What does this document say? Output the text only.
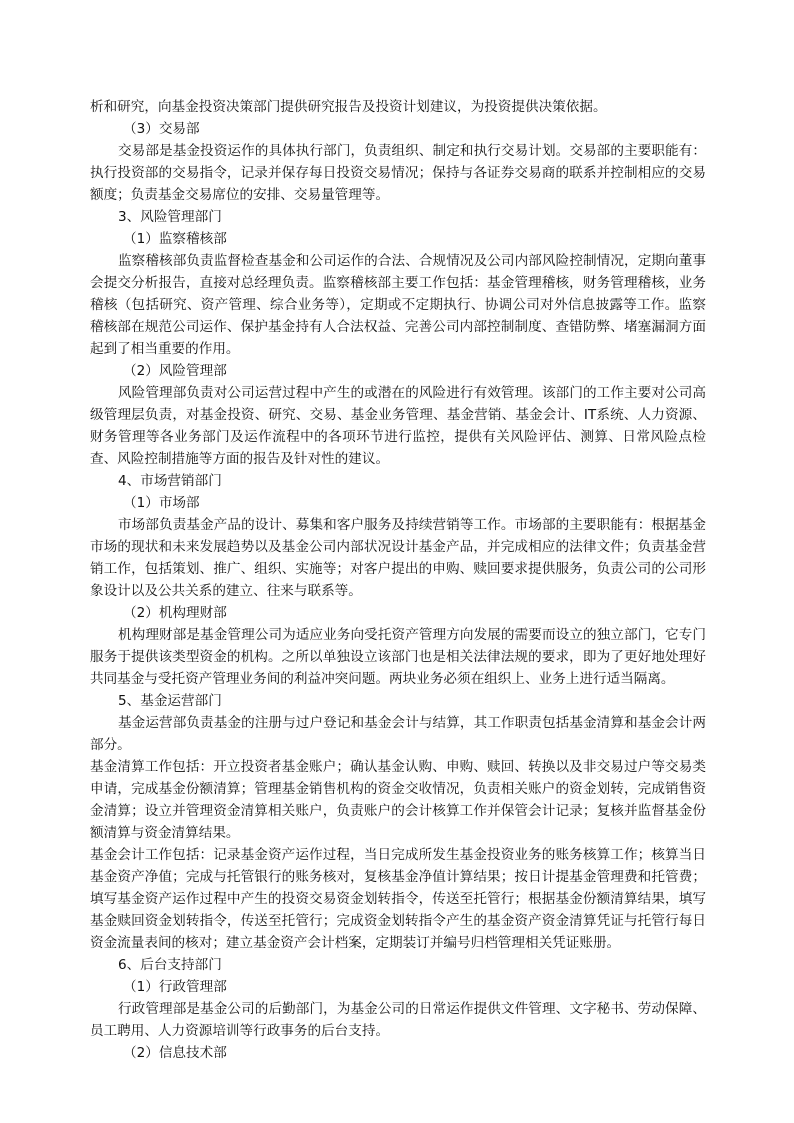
析和研究，向基金投资决策部门提供研究报告及投资计划建议，为投资提供决策依据。

（3）交易部

交易部是基金投资运作的具体执行部门，负责组织、制定和执行交易计划。交易部的主要职能有：执行投资部的交易指令，记录并保存每日投资交易情况；保持与各证券交易商的联系并控制相应的交易额度；负责基金交易席位的安排、交易量管理等。

3、风险管理部门

（1）监察稽核部

监察稽核部负责监督检查基金和公司运作的合法、合规情况及公司内部风险控制情况，定期向董事会提交分析报告，直接对总经理负责。监察稽核部主要工作包括：基金管理稽核，财务管理稽核，业务稽核（包括研究、资产管理、综合业务等），定期或不定期执行、协调公司对外信息披露等工作。监察稽核部在规范公司运作、保护基金持有人合法权益、完善公司内部控制制度、查错防弊、堵塞漏洞方面起到了相当重要的作用。

（2）风险管理部

风险管理部负责对公司运营过程中产生的或潜在的风险进行有效管理。该部门的工作主要对公司高级管理层负责，对基金投资、研究、交易、基金业务管理、基金营销、基金会计、IT系统、人力资源、财务管理等各业务部门及运作流程中的各项环节进行监控，提供有关风险评估、测算、日常风险点检查、风险控制措施等方面的报告及针对性的建议。

4、市场营销部门

（1）市场部

市场部负责基金产品的设计、募集和客户服务及持续营销等工作。市场部的主要职能有：根据基金市场的现状和未来发展趋势以及基金公司内部状况设计基金产品，并完成相应的法律文件；负责基金营销工作，包括策划、推广、组织、实施等；对客户提出的申购、赎回要求提供服务，负责公司的公司形象设计以及公共关系的建立、往来与联系等。

（2）机构理财部

机构理财部是基金管理公司为适应业务向受托资产管理方向发展的需要而设立的独立部门，它专门服务于提供该类型资金的机构。之所以单独设立该部门也是相关法律法规的要求，即为了更好地处理好共同基金与受托资产管理业务间的利益冲突问题。两块业务必须在组织上、业务上进行适当隔离。

5、基金运营部门

基金运营部负责基金的注册与过户登记和基金会计与结算，其工作职责包括基金清算和基金会计两部分。

基金清算工作包括：开立投资者基金账户；确认基金认购、申购、赎回、转换以及非交易过户等交易类申请，完成基金份额清算；管理基金销售机构的资金交收情况，负责相关账户的资金划转，完成销售资金清算；设立并管理资金清算相关账户，负责账户的会计核算工作并保管会计记录；复核并监督基金份额清算与资金清算结果。

基金会计工作包括：记录基金资产运作过程，当日完成所发生基金投资业务的账务核算工作；核算当日基金资产净值；完成与托管银行的账务核对，复核基金净值计算结果；按日计提基金管理费和托管费；填写基金资产运作过程中产生的投资交易资金划转指令，传送至托管行；根据基金份额清算结果，填写基金赎回资金划转指令，传送至托管行；完成资金划转指令产生的基金资产资金清算凭证与托管行每日资金流量表间的核对；建立基金资产会计档案，定期装订并编号归档管理相关凭证账册。

6、后台支持部门

（1）行政管理部

行政管理部是基金公司的后勤部门，为基金公司的日常运作提供文件管理、文字秘书、劳动保障、员工聘用、人力资源培训等行政事务的后台支持。

（2）信息技术部
